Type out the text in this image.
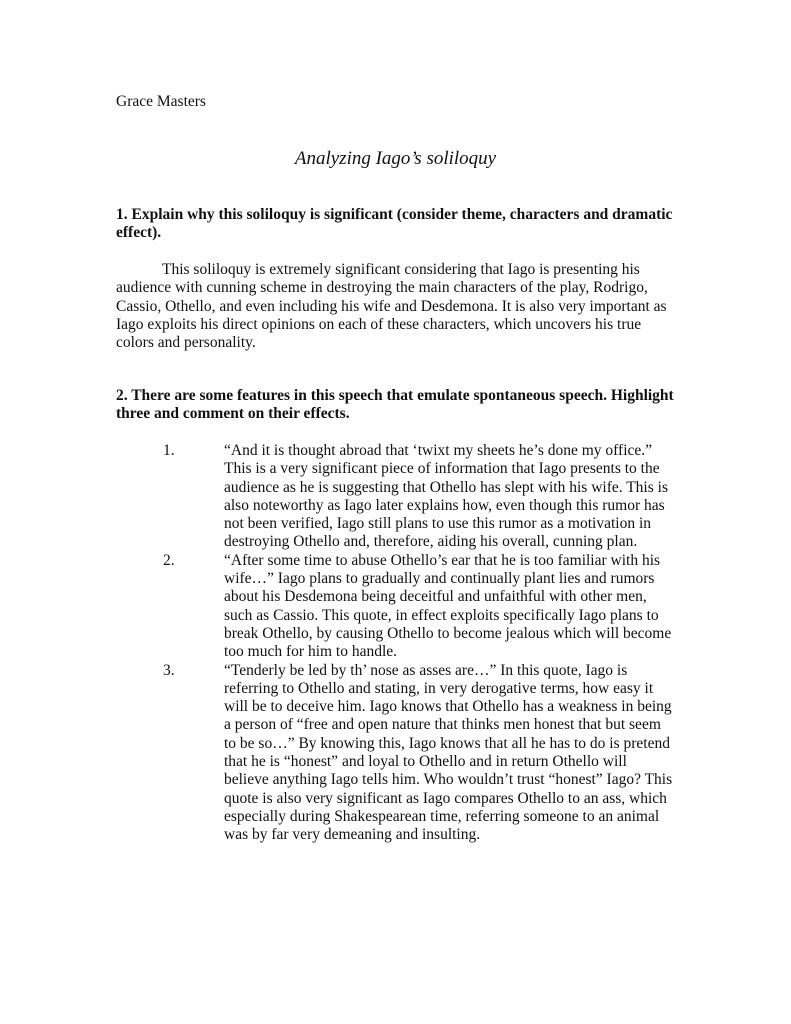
Grace Masters
Analyzing Iago’s soliloquy
1. Explain why this soliloquy is significant (consider theme, characters and dramatic effect).
This soliloquy is extremely significant considering that Iago is presenting his audience with cunning scheme in destroying the main characters of the play, Rodrigo, Cassio, Othello, and even including his wife and Desdemona. It is also very important as Iago exploits his direct opinions on each of these characters, which uncovers his true colors and personality.
2. There are some features in this speech that emulate spontaneous speech. Highlight three and comment on their effects.
1.	“And it is thought abroad that ‘twixt my sheets he’s done my office.” This is a very significant piece of information that Iago presents to the audience as he is suggesting that Othello has slept with his wife. This is also noteworthy as Iago later explains how, even though this rumor has not been verified, Iago still plans to use this rumor as a motivation in destroying Othello and, therefore, aiding his overall, cunning plan.
2.	“After some time to abuse Othello’s ear that he is too familiar with his wife…” Iago plans to gradually and continually plant lies and rumors about his Desdemona being deceitful and unfaithful with other men, such as Cassio. This quote, in effect exploits specifically Iago plans to break Othello, by causing Othello to become jealous which will become too much for him to handle.
3.	“Tenderly be led by th’ nose as asses are…” In this quote, Iago is referring to Othello and stating, in very derogative terms, how easy it will be to deceive him. Iago knows that Othello has a weakness in being a person of “free and open nature that thinks men honest that but seem to be so…” By knowing this, Iago knows that all he has to do is pretend that he is “honest” and loyal to Othello and in return Othello will believe anything Iago tells him. Who wouldn’t trust “honest” Iago? This quote is also very significant as Iago compares Othello to an ass, which especially during Shakespearean time, referring someone to an animal was by far very demeaning and insulting.
